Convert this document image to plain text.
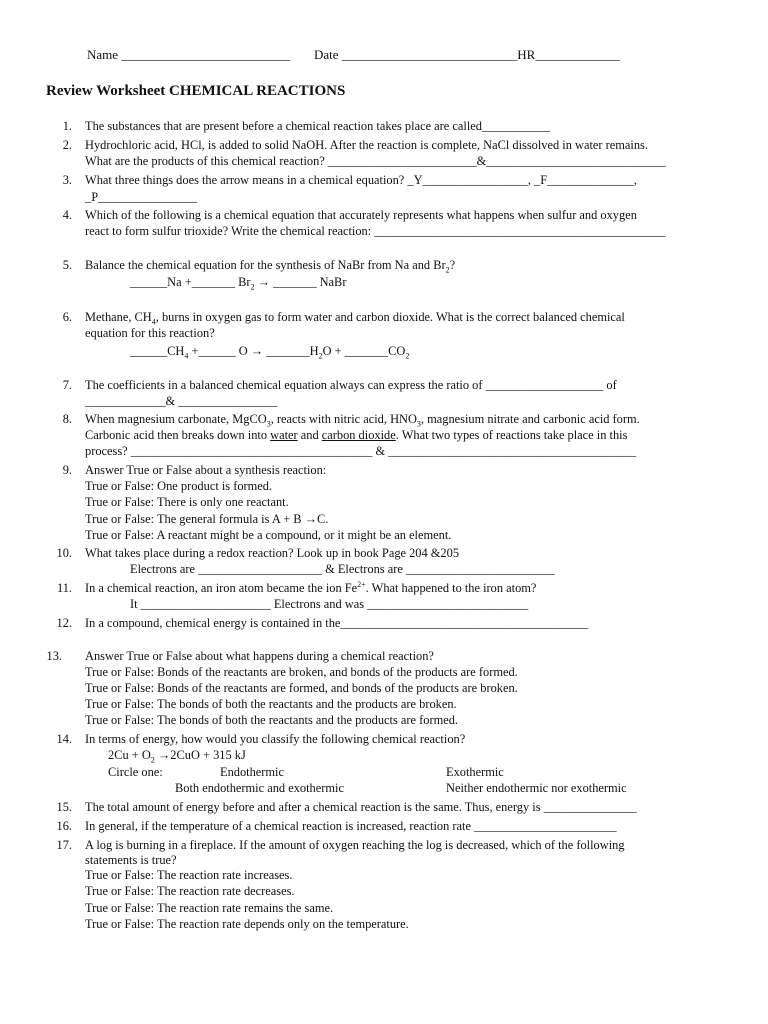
Name __________________________ Date ___________________________HR_____________
Review Worksheet CHEMICAL REACTIONS
1. The substances that are present before a chemical reaction takes place are called___________
2. Hydrochloric acid, HCl, is added to solid NaOH. After the reaction is complete, NaCl dissolved in water remains.
What are the products of this chemical reaction? ________________________&_____________________________
3. What three things does the arrow means in a chemical equation? _Y_________________, _F______________,
_P________________
4. Which of the following is a chemical equation that accurately represents what happens when sulfur and oxygen
react to form sulfur trioxide? Write the chemical reaction: _______________________________________________
5. Balance the chemical equation for the synthesis of NaBr from Na and $Br_2$?
______Na +_______ $Br_2$ → _______ NaBr
6. Methane, $CH_4$, burns in oxygen gas to form water and carbon dioxide. What is the correct balanced chemical
equation for this reaction?
$\_\_\_\_\_\_CH_4$ +______ $O \to \_\_\_\_\_\_\_H_2O$ + $\_\_\_\_\_\_\_CO_2$
7. The coefficients in a balanced chemical equation always can express the ratio of ___________________ of
_____________& ________________
8. When magnesium carbonate, MgCO$_3$, reacts with nitric acid, $HNO_3$, magnesium nitrate and carbonic acid form.
Carbonic acid then breaks down into water and carbon dioxide. What two types of reactions take place in this
process? _______________________________________ & ________________________________________
9. Answer True or False about a synthesis reaction:
True or False: One product is formed.
True or False: There is only one reactant.
True or False: The general formula is A + B →C.
True or False: A reactant might be a compound, or it might be an element.
10. What takes place during a redox reaction? Look up in book Page 204 &205
Electrons are ____________________ & Electrons are ________________________
11. In a chemical reaction, an iron atom became the ion $Fe^{2+}$. What happened to the iron atom?
It _____________________ Electrons and was __________________________
12. In a compound, chemical energy is contained in the________________________________________
13. Answer True or False about what happens during a chemical reaction?
True or False: Bonds of the reactants are broken, and bonds of the products are formed.
True or False: Bonds of the reactants are formed, and bonds of the products are broken.
True or False: The bonds of both the reactants and the products are broken.
True or False: The bonds of both the reactants and the products are formed.
14. In terms of energy, how would you classify the following chemical reaction?
$2Cu + O_2 \to 2CuO + 315$ kJ
Circle one:	Endothermic	Exothermic
Both endothermic and exothermic	Neither endothermic nor exothermic
15. The total amount of energy before and after a chemical reaction is the same. Thus, energy is _______________
16. In general, if the temperature of a chemical reaction is increased, reaction rate _______________________
17. A log is burning in a fireplace. If the amount of oxygen reaching the log is decreased, which of the following
statements is true?
True or False: The reaction rate increases.
True or False: The reaction rate decreases.
True or False: The reaction rate remains the same.
True or False: The reaction rate depends only on the temperature.
